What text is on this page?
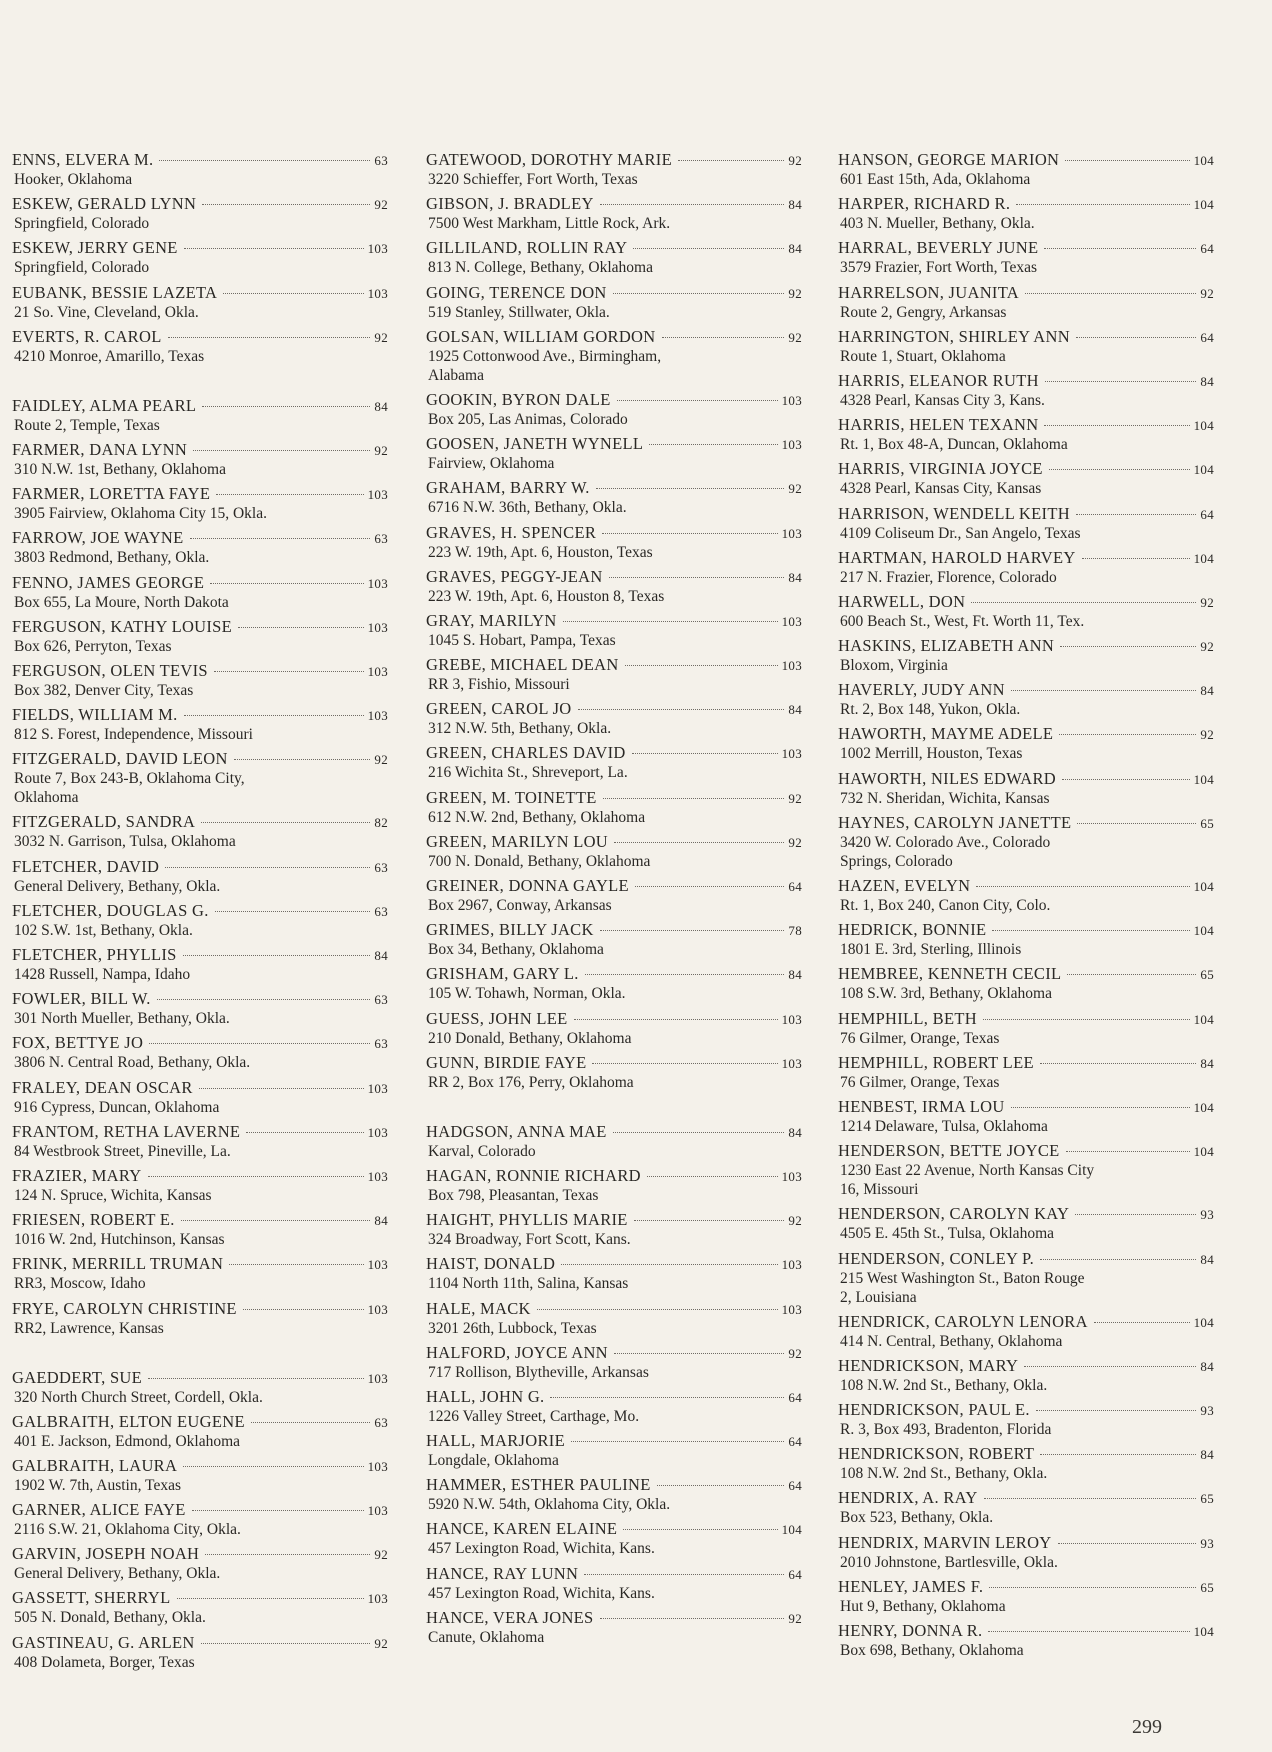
ENNS, ELVERA M.	63
Hooker, Oklahoma
ESKEW, GERALD LYNN	92
Springfield, Colorado
ESKEW, JERRY GENE	103
Springfield, Colorado
EUBANK, BESSIE LAZETA	103
21 So. Vine, Cleveland, Okla.
EVERTS, R. CAROL	92
4210 Monroe, Amarillo, Texas
FAIDLEY, ALMA PEARL	84
Route 2, Temple, Texas
FARMER, DANA LYNN	92
310 N.W. 1st, Bethany, Oklahoma
FARMER, LORETTA FAYE	103
3905 Fairview, Oklahoma City 15, Okla.
FARROW, JOE WAYNE	63
3803 Redmond, Bethany, Okla.
FENNO, JAMES GEORGE	103
Box 655, La Moure, North Dakota
FERGUSON, KATHY LOUISE	103
Box 626, Perryton, Texas
FERGUSON, OLEN TEVIS	103
Box 382, Denver City, Texas
FIELDS, WILLIAM M.	103
812 S. Forest, Independence, Missouri
FITZGERALD, DAVID LEON	92
Route 7, Box 243-B, Oklahoma City,
Oklahoma
FITZGERALD, SANDRA	82
3032 N. Garrison, Tulsa, Oklahoma
FLETCHER, DAVID	63
General Delivery, Bethany, Okla.
FLETCHER, DOUGLAS G.	63
102 S.W. 1st, Bethany, Okla.
FLETCHER, PHYLLIS	84
1428 Russell, Nampa, Idaho
FOWLER, BILL W.	63
301 North Mueller, Bethany, Okla.
FOX, BETTYE JO	63
3806 N. Central Road, Bethany, Okla.
FRALEY, DEAN OSCAR	103
916 Cypress, Duncan, Oklahoma
FRANTOM, RETHA LAVERNE	103
84 Westbrook Street, Pineville, La.
FRAZIER, MARY	103
124 N. Spruce, Wichita, Kansas
FRIESEN, ROBERT E.	84
1016 W. 2nd, Hutchinson, Kansas
FRINK, MERRILL TRUMAN	103
RR3, Moscow, Idaho
FRYE, CAROLYN CHRISTINE	103
RR2, Lawrence, Kansas
GAEDDERT, SUE	103
320 North Church Street, Cordell, Okla.
GALBRAITH, ELTON EUGENE	63
401 E. Jackson, Edmond, Oklahoma
GALBRAITH, LAURA	103
1902 W. 7th, Austin, Texas
GARNER, ALICE FAYE	103
2116 S.W. 21, Oklahoma City, Okla.
GARVIN, JOSEPH NOAH	92
General Delivery, Bethany, Okla.
GASSETT, SHERRYL	103
505 N. Donald, Bethany, Okla.
GASTINEAU, G. ARLEN	92
408 Dolameta, Borger, Texas
GATEWOOD, DOROTHY MARIE	92
3220 Schieffer, Fort Worth, Texas
GIBSON, J. BRADLEY	84
7500 West Markham, Little Rock, Ark.
GILLILAND, ROLLIN RAY	84
813 N. College, Bethany, Oklahoma
GOING, TERENCE DON	92
519 Stanley, Stillwater, Okla.
GOLSAN, WILLIAM GORDON	92
1925 Cottonwood Ave., Birmingham,
Alabama
GOOKIN, BYRON DALE	103
Box 205, Las Animas, Colorado
GOOSEN, JANETH WYNELL	103
Fairview, Oklahoma
GRAHAM, BARRY W.	92
6716 N.W. 36th, Bethany, Okla.
GRAVES, H. SPENCER	103
223 W. 19th, Apt. 6, Houston, Texas
GRAVES, PEGGY-JEAN	84
223 W. 19th, Apt. 6, Houston 8, Texas
GRAY, MARILYN	103
1045 S. Hobart, Pampa, Texas
GREBE, MICHAEL DEAN	103
RR 3, Fishio, Missouri
GREEN, CAROL JO	84
312 N.W. 5th, Bethany, Okla.
GREEN, CHARLES DAVID	103
216 Wichita St., Shreveport, La.
GREEN, M. TOINETTE	92
612 N.W. 2nd, Bethany, Oklahoma
GREEN, MARILYN LOU	92
700 N. Donald, Bethany, Oklahoma
GREINER, DONNA GAYLE	64
Box 2967, Conway, Arkansas
GRIMES, BILLY JACK	78
Box 34, Bethany, Oklahoma
GRISHAM, GARY L.	84
105 W. Tohawh, Norman, Okla.
GUESS, JOHN LEE	103
210 Donald, Bethany, Oklahoma
GUNN, BIRDIE FAYE	103
RR 2, Box 176, Perry, Oklahoma
HADGSON, ANNA MAE	84
Karval, Colorado
HAGAN, RONNIE RICHARD	103
Box 798, Pleasantan, Texas
HAIGHT, PHYLLIS MARIE	92
324 Broadway, Fort Scott, Kans.
HAIST, DONALD	103
1104 North 11th, Salina, Kansas
HALE, MACK	103
3201 26th, Lubbock, Texas
HALFORD, JOYCE ANN	92
717 Rollison, Blytheville, Arkansas
HALL, JOHN G.	64
1226 Valley Street, Carthage, Mo.
HALL, MARJORIE	64
Longdale, Oklahoma
HAMMER, ESTHER PAULINE	64
5920 N.W. 54th, Oklahoma City, Okla.
HANCE, KAREN ELAINE	104
457 Lexington Road, Wichita, Kans.
HANCE, RAY LUNN	64
457 Lexington Road, Wichita, Kans.
HANCE, VERA JONES	92
Canute, Oklahoma
HANSON, GEORGE MARION	104
601 East 15th, Ada, Oklahoma
HARPER, RICHARD R.	104
403 N. Mueller, Bethany, Okla.
HARRAL, BEVERLY JUNE	64
3579 Frazier, Fort Worth, Texas
HARRELSON, JUANITA	92
Route 2, Gengry, Arkansas
HARRINGTON, SHIRLEY ANN	64
Route 1, Stuart, Oklahoma
HARRIS, ELEANOR RUTH	84
4328 Pearl, Kansas City 3, Kans.
HARRIS, HELEN TEXANN	104
Rt. 1, Box 48-A, Duncan, Oklahoma
HARRIS, VIRGINIA JOYCE	104
4328 Pearl, Kansas City, Kansas
HARRISON, WENDELL KEITH	64
4109 Coliseum Dr., San Angelo, Texas
HARTMAN, HAROLD HARVEY	104
217 N. Frazier, Florence, Colorado
HARWELL, DON	92
600 Beach St., West, Ft. Worth 11, Tex.
HASKINS, ELIZABETH ANN	92
Bloxom, Virginia
HAVERLY, JUDY ANN	84
Rt. 2, Box 148, Yukon, Okla.
HAWORTH, MAYME ADELE	92
1002 Merrill, Houston, Texas
HAWORTH, NILES EDWARD	104
732 N. Sheridan, Wichita, Kansas
HAYNES, CAROLYN JANETTE	65
3420 W. Colorado Ave., Colorado
Springs, Colorado
HAZEN, EVELYN	104
Rt. 1, Box 240, Canon City, Colo.
HEDRICK, BONNIE	104
1801 E. 3rd, Sterling, Illinois
HEMBREE, KENNETH CECIL	65
108 S.W. 3rd, Bethany, Oklahoma
HEMPHILL, BETH	104
76 Gilmer, Orange, Texas
HEMPHILL, ROBERT LEE	84
76 Gilmer, Orange, Texas
HENBEST, IRMA LOU	104
1214 Delaware, Tulsa, Oklahoma
HENDERSON, BETTE JOYCE	104
1230 East 22 Avenue, North Kansas City
16, Missouri
HENDERSON, CAROLYN KAY	93
4505 E. 45th St., Tulsa, Oklahoma
HENDERSON, CONLEY P.	84
215 West Washington St., Baton Rouge
2, Louisiana
HENDRICK, CAROLYN LENORA	104
414 N. Central, Bethany, Oklahoma
HENDRICKSON, MARY	84
108 N.W. 2nd St., Bethany, Okla.
HENDRICKSON, PAUL E.	93
R. 3, Box 493, Bradenton, Florida
HENDRICKSON, ROBERT	84
108 N.W. 2nd St., Bethany, Okla.
HENDRIX, A. RAY	65
Box 523, Bethany, Okla.
HENDRIX, MARVIN LEROY	93
2010 Johnstone, Bartlesville, Okla.
HENLEY, JAMES F.	65
Hut 9, Bethany, Oklahoma
HENRY, DONNA R.	104
Box 698, Bethany, Oklahoma
299
